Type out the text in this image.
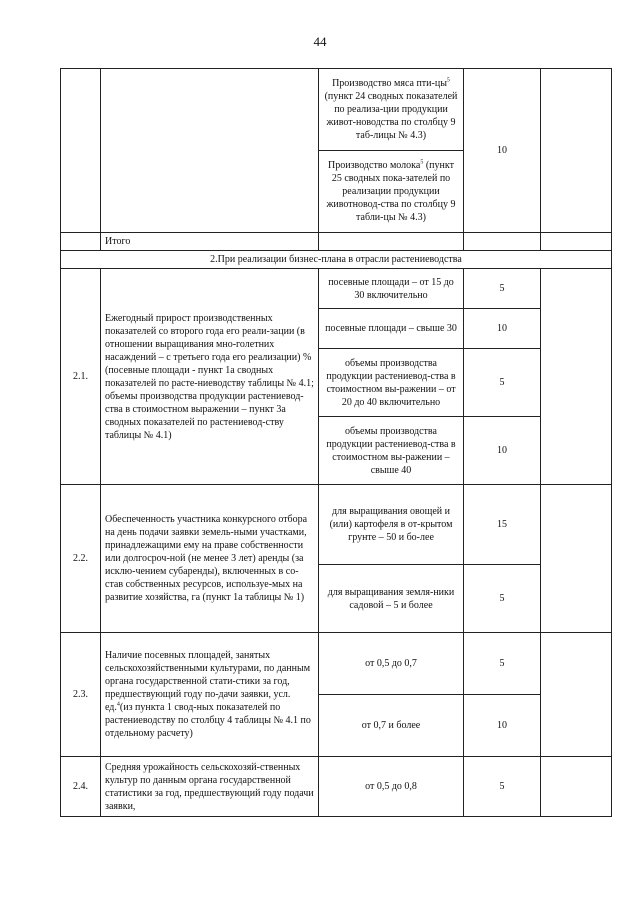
44
		Производство мяса пти-$цы^5$ (пункт 24 сводных показателей по реализа-ции продукции живот-новодства по столбцу 9 таб-лицы № 4.3)	10	
		Производство молока$^5$ (пункт 25 сводных пока-зателей по реализации продукции животновод-ства по столбцу 9 табли-цы № 4.3)		
	Итого			
2.При реализации бизнес-плана в отрасли растениеводства				
2.1.	Ежегодный прирост производственных показателей со второго года его реали-зации (в отношении выращивания мно-голетних насаждений – с третьего года его реализации) % (посевные площади - пункт 1а сводных показателей по расте-ниеводству таблицы № 4.1; объемы производства продукции растениевод-ства в стоимостном выражении – пункт 3а сводных показателей по растениевод-ству таблицы № 4.1)	посевные площади – от 15 до 30 включительно	5	
		посевные площади – свыше 30	10	
		объемы производства продукции растениевод-ства в стоимостном вы-ражении – от 20 до 40 включительно	5	
		объемы производства продукции растениевод-ства в стоимостном вы-ражении – свыше 40	10	
2.2.	Обеспеченность участника конкурсного отбора на день подачи заявки земель-ными участками, принадлежащими ему на праве собственности или долгосроч-ной (не менее 3 лет) аренды (за исклю-чением субаренды), включенных в со-став собственных ресурсов, используе-мых на развитие хозяйства, га (пункт 1а таблицы № 1)	для выращивания овощей и (или) картофеля в от-крытом грунте – 50 и бо-лее	15	
		для выращивания земля-ники садовой – 5 и более	5	
2.3.	Наличие посевных площадей, занятых сельскохозяйственными культурами, по данным органа государственной стати-стики за год, предшествующий году по-дачи заявки, усл. ед.$^4$(из пункта 1 свод-ных показателей по растениеводству по столбцу 4 таблицы № 4.1 по отдельному расчету)	от 0,5 до 0,7	5	
		от 0,7 и более	10	
2.4.	Средняя урожайность сельскохозяй-ственных культур по данным органа государственной статистики за год, предшествующий году подачи заявки,	от 0,5 до 0,8	5	
